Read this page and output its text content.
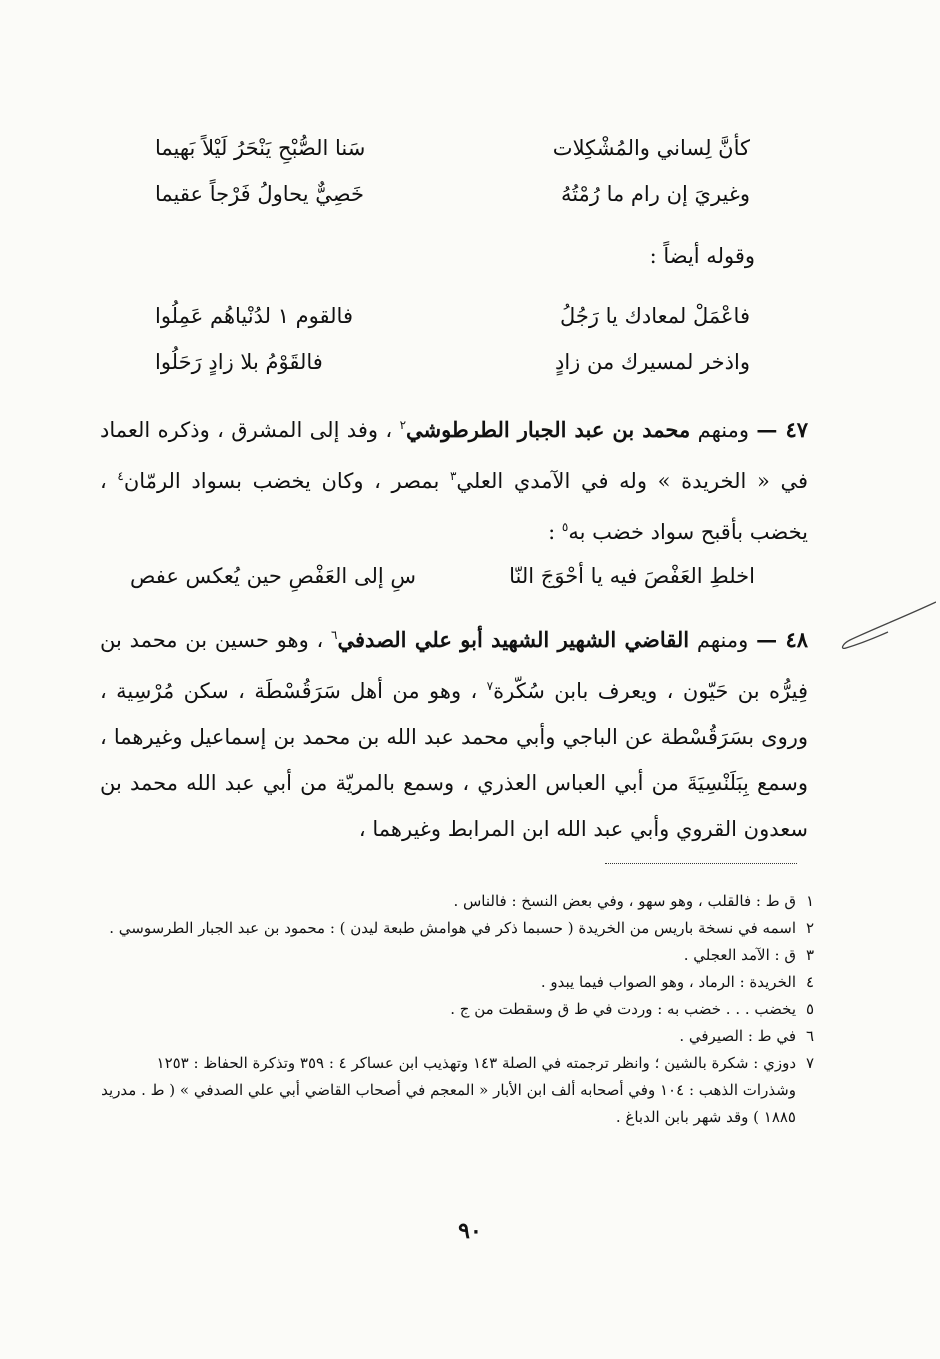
كأنَّ لِساني والمُشْكِلات
سَنا الصُّبْحِ يَنْحَرُ لَيْلاً بَهيما
وغيريَ إن رام ما رُمْتُهُ
خَصِيٌّ يحاولُ فَرْجاً عقيما
وقوله أيضاً :
فاعْمَلْ لمعادك يا رَجُلُ
فالقوم ١ لدُنْياهُم عَمِلُوا
واذخر لمسيرك من زادٍ
فالقَوْمُ بلا زادٍ رَحَلُوا
٤٧ — ومنهم محمد بن عبد الجبار الطرطوشي$^٢$ ، وفد إلى المشرق ، وذكره العماد في « الخريدة » وله في الآمدي العلي$^٣$ بمصر ، وكان يخضب بسواد الرمّان$^٤$ ، يخضب بأقبح سواد خضب به$^٥$ :
اخلطِ العَفْصَ فيه يا أحْوَجَ النّا
سِ إلى العَفْصِ حين يُعكس عفص
٤٨ — ومنهم القاضي الشهير الشهيد أبو علي الصدفي$^٦$ ، وهو حسين بن محمد بن فِيرُّه بن حَيّون ، ويعرف بابن سُكّرة$^٧$ ، وهو من أهل سَرَقُسْطَة ، سكن مُرْسِية ، وروى بسَرَقُسْطة عن الباجي وأبي محمد عبد الله بن محمد بن إسماعيل وغيرهما ، وسمع بِبَلَنْسِيَةَ من أبي العباس العذري ، وسمع بالمريّة من أبي عبد الله محمد بن سعدون القروي وأبي عبد الله ابن المرابط وغيرهما ،
١
ق ط : فالقلب ، وهو سهو ، وفي بعض النسخ : فالناس .
٢
اسمه في نسخة باريس من الخريدة ( حسبما ذكر في هوامش طبعة ليدن ) : محمود بن عبد الجبار الطرسوسي .
٣
ق : الآمد العجلي .
٤
الخريدة : الرماد ، وهو الصواب فيما يبدو .
٥
يخضب . . . خضب به : وردت في ط ق وسقطت من ج .
٦
في ط : الصيرفي .
٧
دوزي : شكرة بالشين ؛ وانظر ترجمته في الصلة ١٤٣ وتهذيب ابن عساكر ٤ : ٣٥٩ وتذكرة الحفاظ : ١٢٥٣ وشذرات الذهب : ١٠٤ وفي أصحابه ألف ابن الأبار « المعجم في أصحاب القاضي أبي علي الصدفي » ( ط . مدريد ١٨٨٥ ) وقد شهر بابن الدباغ .
٩٠
